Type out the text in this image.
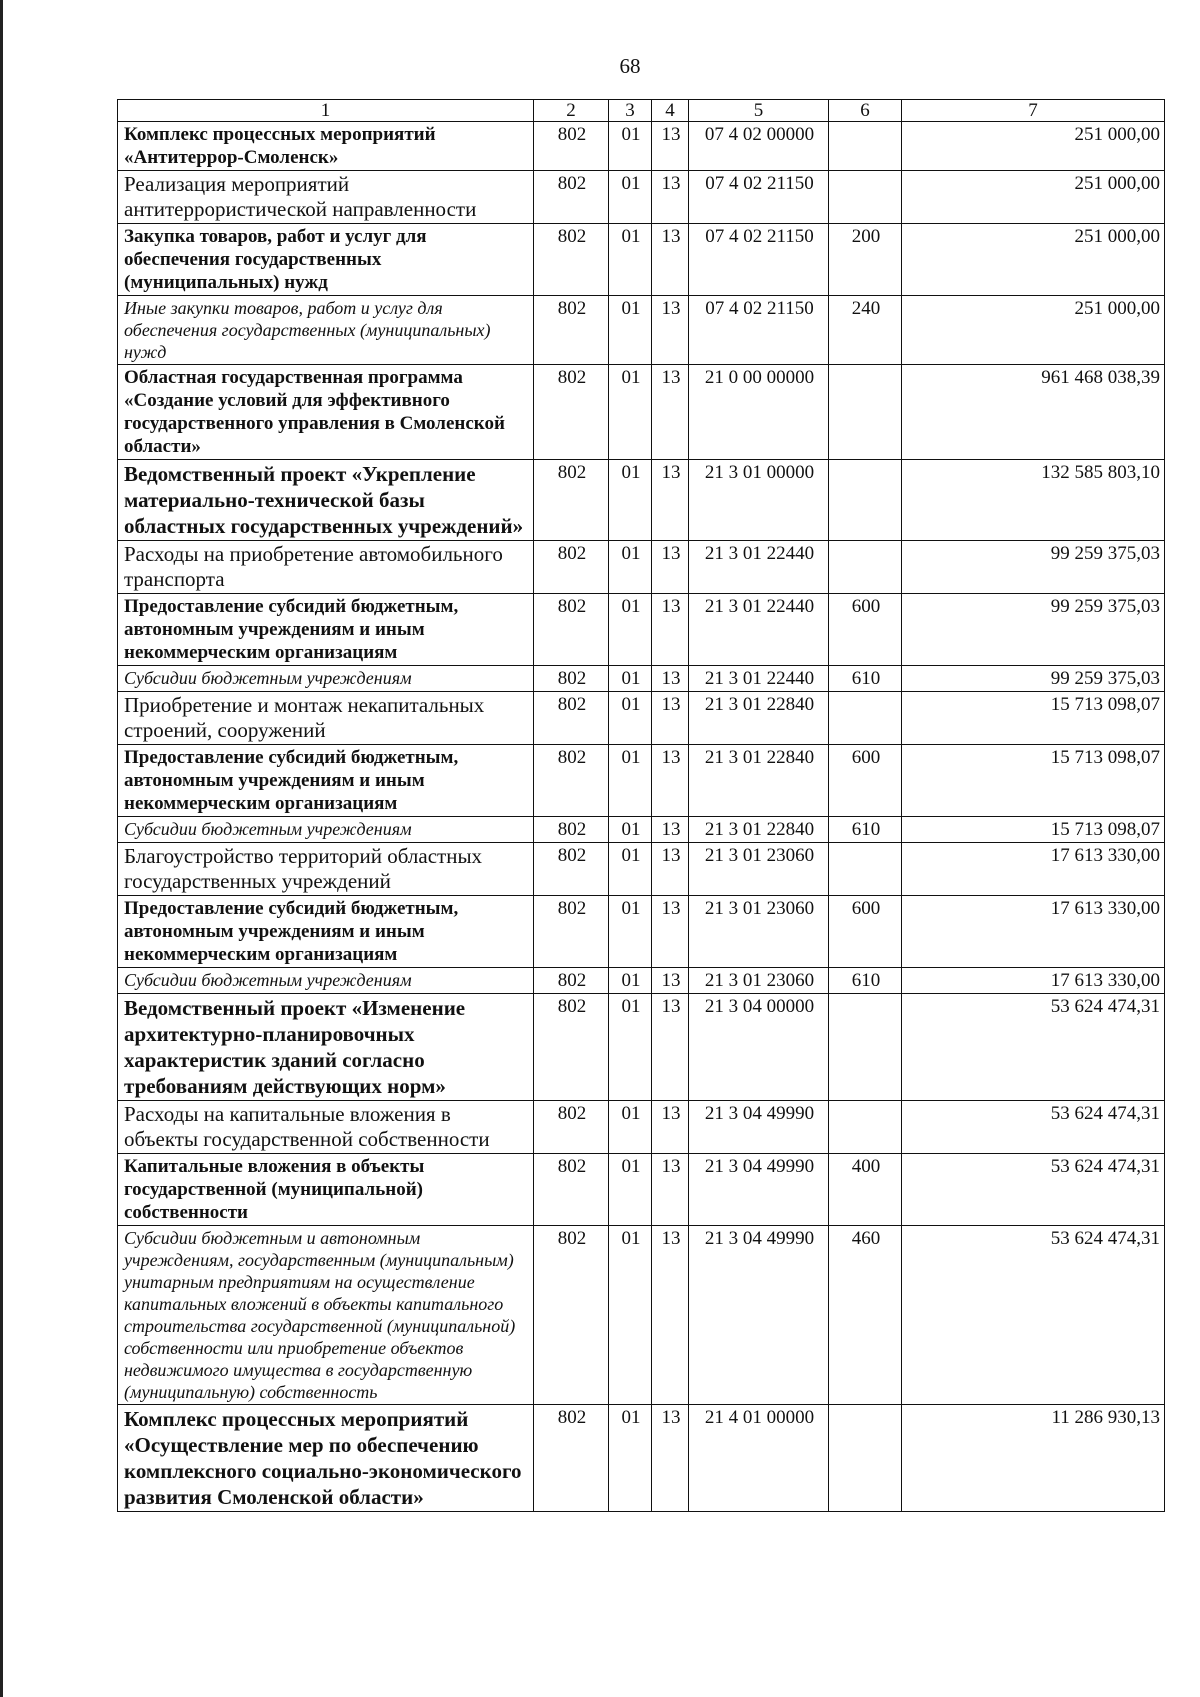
68
1	2	3	4	5	6	7
Комплекс процессных мероприятий «Антитеррор-Смоленск»	802	01	13	07 4 02 00000		251 000,00
Реализация мероприятий антитеррористической направленности	802	01	13	07 4 02 21150		251 000,00
Закупка товаров, работ и услуг для обеспечения государственных (муниципальных) нужд	802	01	13	07 4 02 21150	200	251 000,00
Иные закупки товаров, работ и услуг для обеспечения государственных (муниципальных) нужд	802	01	13	07 4 02 21150	240	251 000,00
Областная государственная программа «Создание условий для эффективного государственного управления в Смоленской области»	802	01	13	21 0 00 00000		961 468 038,39
Ведомственный проект «Укрепление материально-технической базы областных государственных учреждений»	802	01	13	21 3 01 00000		132 585 803,10
Расходы на приобретение автомобильного транспорта	802	01	13	21 3 01 22440		99 259 375,03
Предоставление субсидий бюджетным, автономным учреждениям и иным некоммерческим организациям	802	01	13	21 3 01 22440	600	99 259 375,03
Субсидии бюджетным учреждениям	802	01	13	21 3 01 22440	610	99 259 375,03
Приобретение и монтаж некапитальных строений, сооружений	802	01	13	21 3 01 22840		15 713 098,07
Предоставление субсидий бюджетным, автономным учреждениям и иным некоммерческим организациям	802	01	13	21 3 01 22840	600	15 713 098,07
Субсидии бюджетным учреждениям	802	01	13	21 3 01 22840	610	15 713 098,07
Благоустройство территорий областных государственных учреждений	802	01	13	21 3 01 23060		17 613 330,00
Предоставление субсидий бюджетным, автономным учреждениям и иным некоммерческим организациям	802	01	13	21 3 01 23060	600	17 613 330,00
Субсидии бюджетным учреждениям	802	01	13	21 3 01 23060	610	17 613 330,00
Ведомственный проект «Изменение архитектурно-планировочных характеристик зданий согласно требованиям действующих норм»	802	01	13	21 3 04 00000		53 624 474,31
Расходы на капитальные вложения в объекты государственной собственности	802	01	13	21 3 04 49990		53 624 474,31
Капитальные вложения в объекты государственной (муниципальной) собственности	802	01	13	21 3 04 49990	400	53 624 474,31
Субсидии бюджетным и автономным учреждениям, государственным (муниципальным) унитарным предприятиям на осуществление капитальных вложений в объекты капитального строительства государственной (муниципальной) собственности или приобретение объектов недвижимого имущества в государственную (муниципальную) собственность	802	01	13	21 3 04 49990	460	53 624 474,31
Комплекс процессных мероприятий «Осуществление мер по обеспечению комплексного социально-экономического развития Смоленской области»	802	01	13	21 4 01 00000		11 286 930,13
